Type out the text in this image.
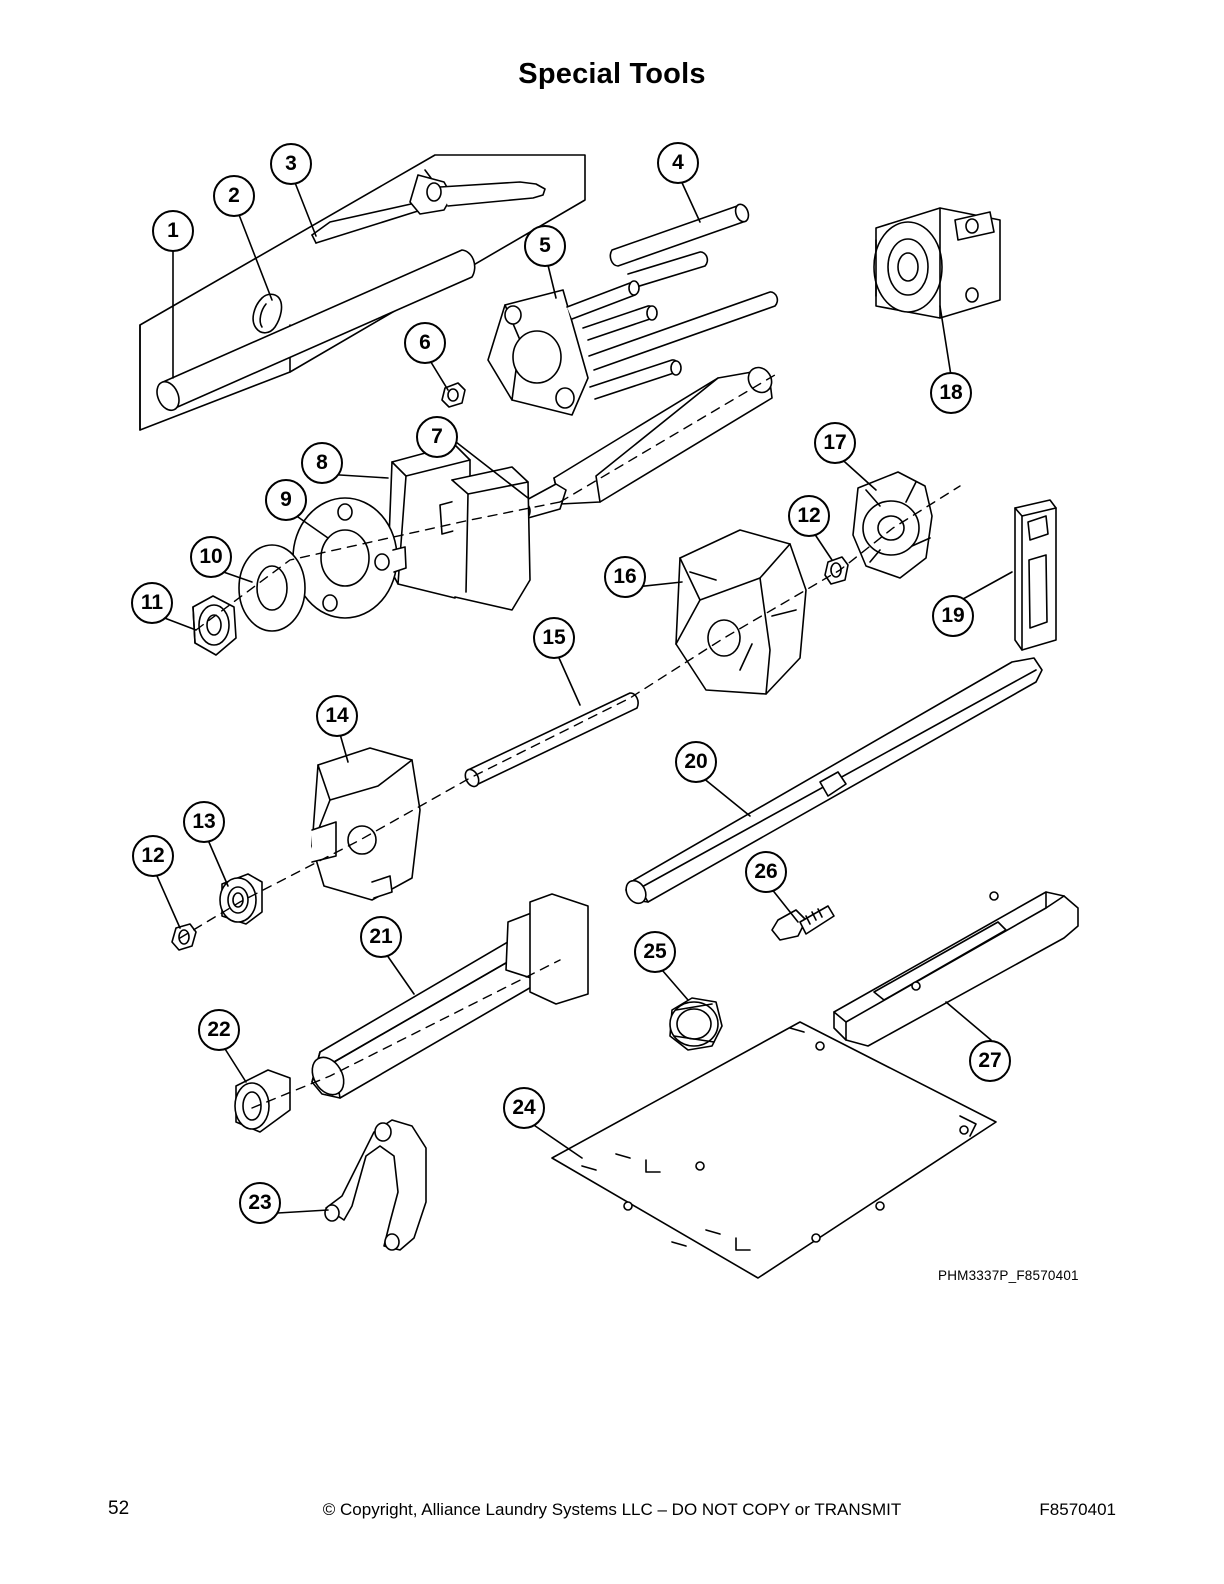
Special Tools
1
2
3	4
5
6
7
8
9
10
11
12
13
14
15
16
17
18
19
20
21
22
23
24
25
26
27
12
PHM3337P_F8570401
52	© Copyright, Alliance Laundry Systems LLC – DO NOT COPY or TRANSMIT	F8570401
